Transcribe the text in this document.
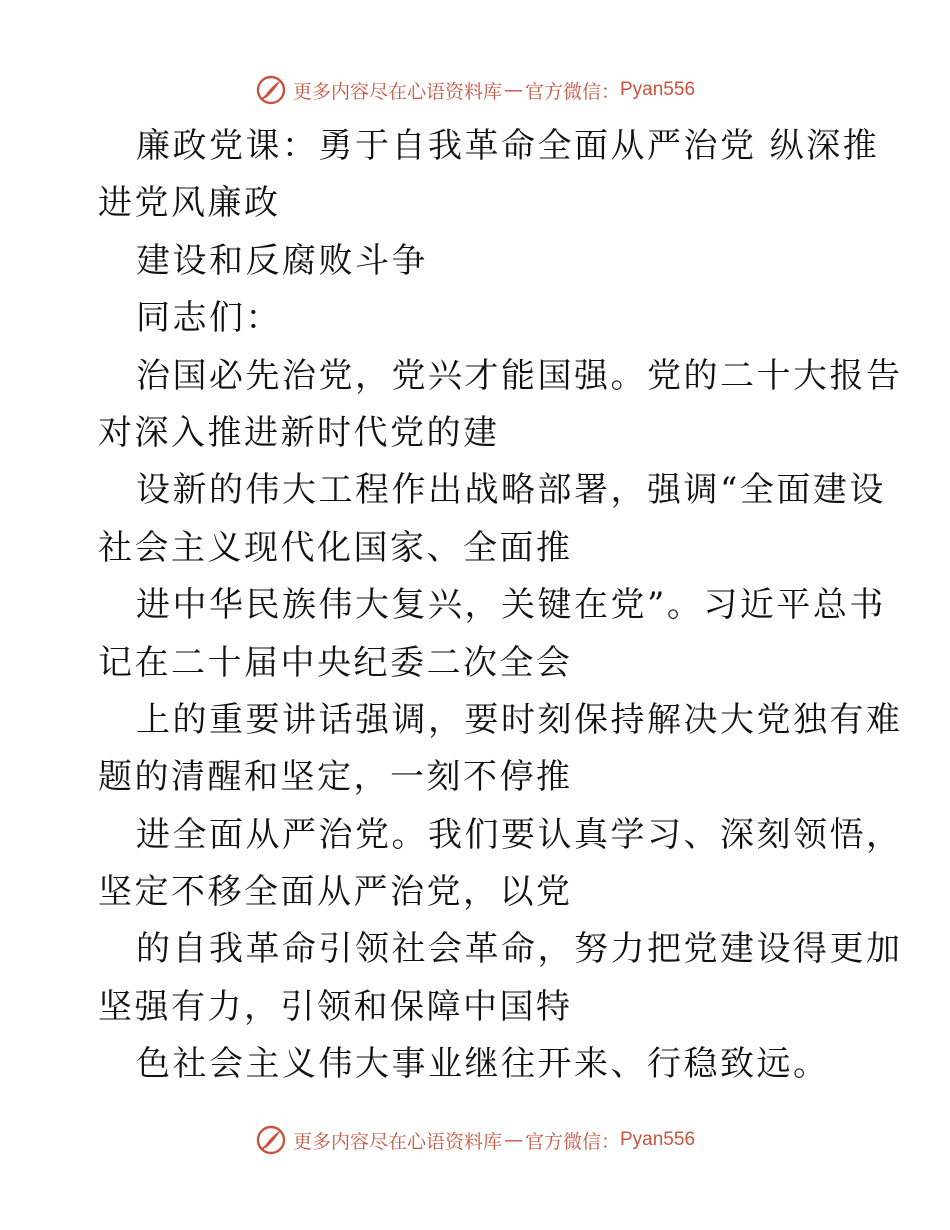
更多内容尽在心语资料库 — 官方微信： Pyan556
廉政党课：勇于自我革命全面从严治党 纵深推
进党风廉政
建设和反腐败斗争
同志们：
治国必先治党，党兴才能国强。党的二十大报告
对深入推进新时代党的建
设新的伟大工程作出战略部署，强调“全面建设
社会主义现代化国家、全面推
进中华民族伟大复兴，关键在党”。习近平总书
记在二十届中央纪委二次全会
上的重要讲话强调，要时刻保持解决大党独有难
题的清醒和坚定，一刻不停推
进全面从严治党。我们要认真学习、深刻领悟，
坚定不移全面从严治党，以党
的自我革命引领社会革命，努力把党建设得更加
坚强有力，引领和保障中国特
色社会主义伟大事业继往开来、行稳致远。
更多内容尽在心语资料库 — 官方微信： Pyan556
